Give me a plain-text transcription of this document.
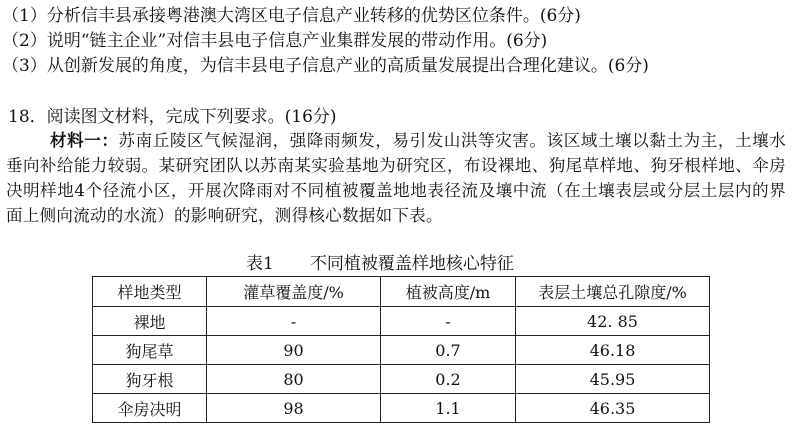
（1）分析信丰县承接粤港澳大湾区电子信息产业转移的优势区位条件。(6分)
（2）说明“链主企业”对信丰县电子信息产业集群发展的带动作用。(6分)
（3）从创新发展的角度，为信丰县电子信息产业的高质量发展提出合理化建议。(6分)
18．阅读图文材料，完成下列要求。(16分)
材料一：苏南丘陵区气候湿润，强降雨频发，易引发山洪等灾害。该区域土壤以黏土为主，土壤水垂向补给能力较弱。某研究团队以苏南某实验基地为研究区，布设裸地、狗尾草样地、狗牙根样地、伞房决明样地4个径流小区，开展次降雨对不同植被覆盖地地表径流及壤中流（在土壤表层或分层土层内的界面上侧向流动的水流）的影响研究，测得核心数据如下表。
表1 不同植被覆盖样地核心特征
样地类型	灌草覆盖度/%	植被高度/m	表层土壤总孔隙度/%
裸地	-	-	42. 85
狗尾草	90	0.7	46.18
狗牙根	80	0.2	45.95
伞房决明	98	1.1	46.35
